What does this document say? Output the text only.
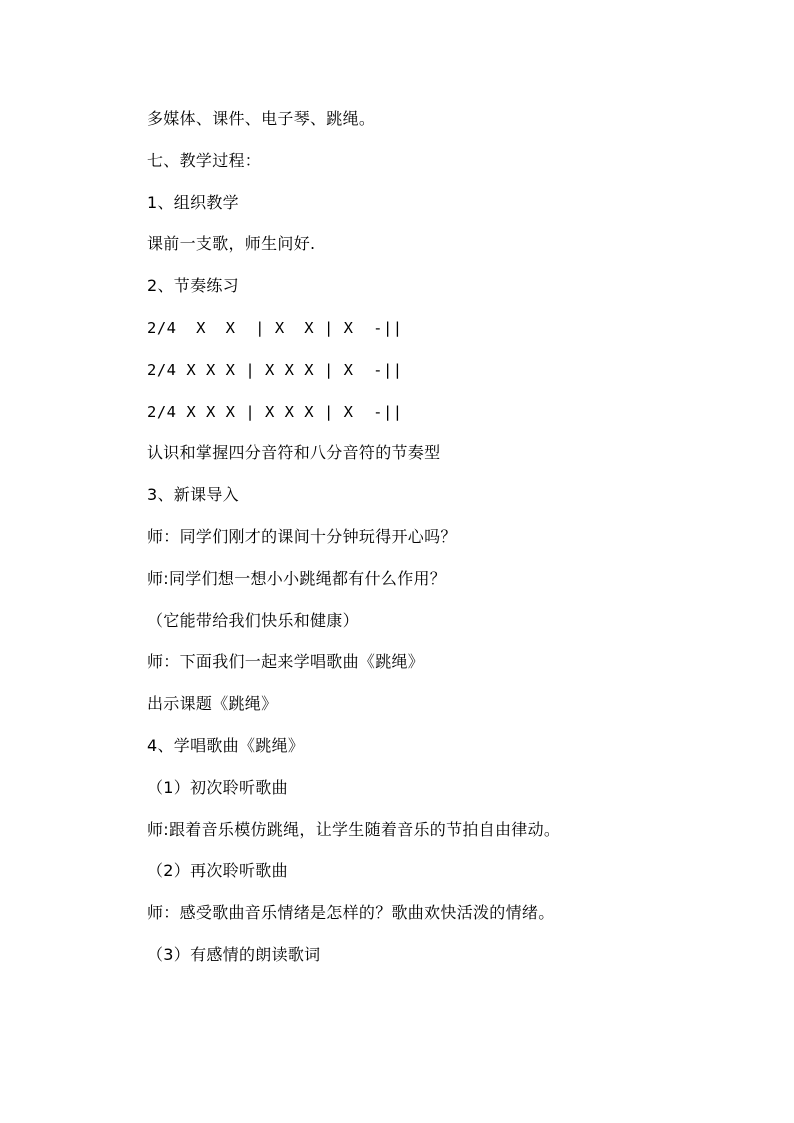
多媒体、课件、电子琴、跳绳。
七、教学过程：
1、组织教学
课前一支歌，师生问好.
2、节奏练习
2/4  X  X  | X  X | X  -||
2/4 X X X | X X X | X  -||
2/4 X X X | X X X | X  -||
认识和掌握四分音符和八分音符的节奏型
3、新课导入
师：同学们刚才的课间十分钟玩得开心吗？
师:同学们想一想小小跳绳都有什么作用？
（它能带给我们快乐和健康）
师：下面我们一起来学唱歌曲《跳绳》
出示课题《跳绳》
4、学唱歌曲《跳绳》
（1）初次聆听歌曲
师:跟着音乐模仿跳绳，让学生随着音乐的节拍自由律动。
（2）再次聆听歌曲
师：感受歌曲音乐情绪是怎样的？歌曲欢快活泼的情绪。
（3）有感情的朗读歌词
